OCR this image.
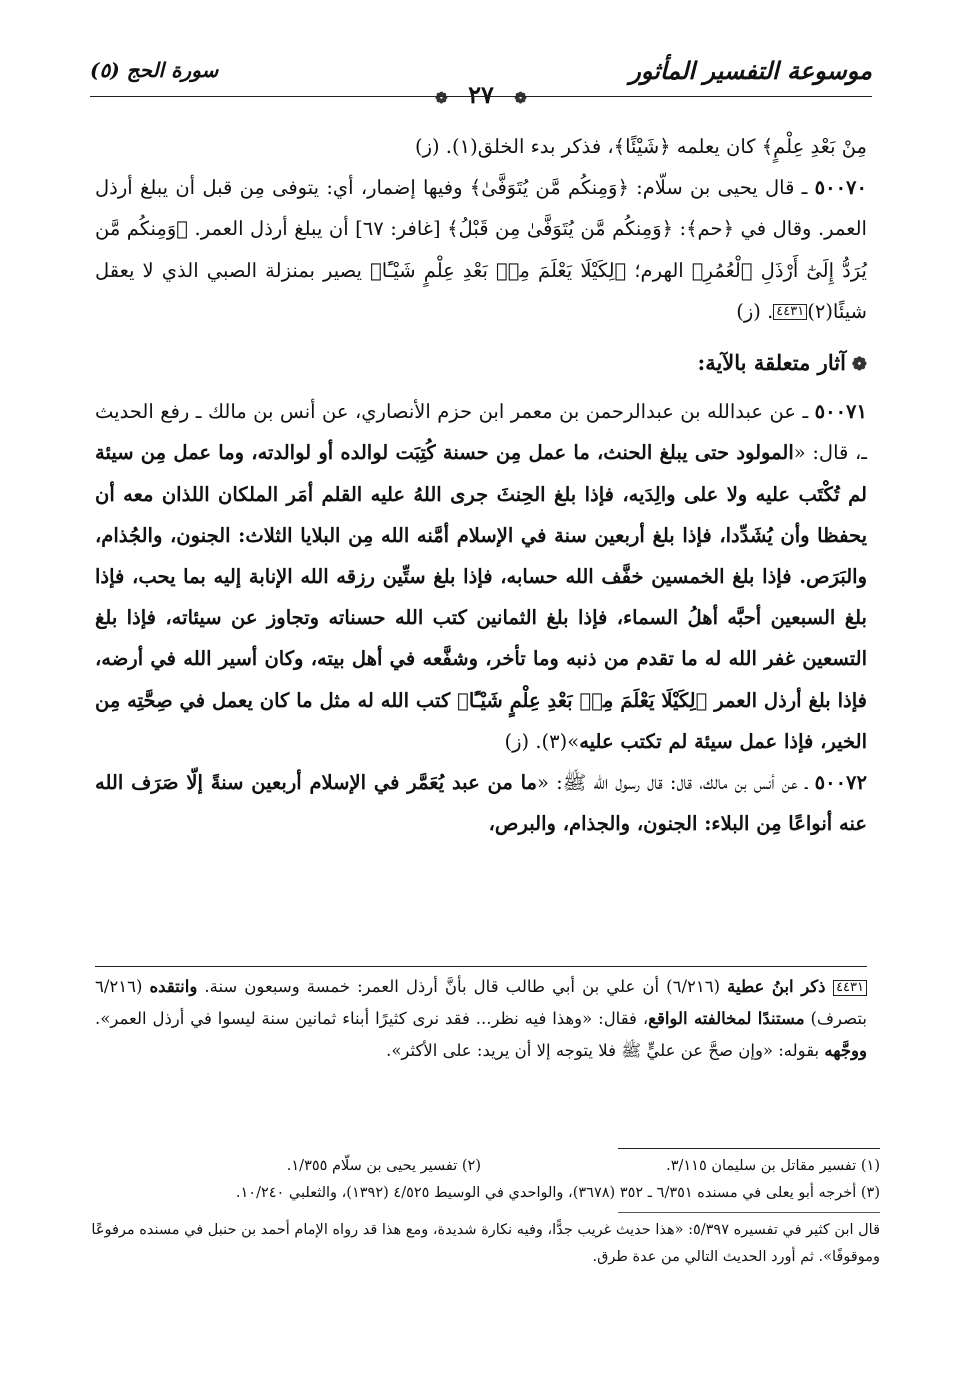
موسوعة التفسير المأثور
سورة الحج (٥)
❁ ٢٧ ❁

مِنْ بَعْدِ عِلْمٍ﴾ كان يعلمه ﴿شَيْئًا﴾، فذكر بدء الخلق(١). (ز)

٥٠٠٧٠ ـ قال يحيى بن سلّام: ﴿وَمِنكُم مَّن يُتَوَفَّىٰ﴾ وفيها إضمار، أي: يتوفى مِن قبل أن يبلغ أرذل العمر. وقال في ﴿حم﴾: ﴿وَمِنكُم مَّن يُتَوَفَّىٰ مِن قَبْلُ﴾ [غافر: ٦٧] أن يبلغ أرذل العمر. ﴿وَمِنكُم مَّن يُرَدُّ إِلَىٰٓ أَرْذَلِ ٱلْعُمُرِ﴾ الهرم؛ ﴿لِكَيْلَا يَعْلَمَ مِنۢ بَعْدِ عِلْمٍ شَيْـًٔا﴾ يصير بمنزلة الصبي الذي لا يعقل شيئًا(٢)٤٤٣١. (ز)

❁آثار متعلقة بالآية:

٥٠٠٧١ ـ عن عبدالله بن عبدالرحمن بن معمر ابن حزم الأنصاري، عن أنس بن مالك ـ رفع الحديث ـ، قال: «المولود حتى يبلغ الحنث، ما عمل مِن حسنة كُتِبَت لوالده أو لوالدته، وما عمل مِن سيئة لم تُكْتَب عليه ولا على والِدَيه، فإذا بلغ الحِنثَ جرى اللهُ عليه القلم أمَر الملكان اللذان معه أن يحفظا وأن يُشَدِّدا، فإذا بلغ أربعين سنة في الإسلام أمَّنه الله مِن البلايا الثلاث: الجنون، والجُذام، والبَرَص. فإذا بلغ الخمسين خفَّف الله حسابه، فإذا بلغ ستِّين رزقه الله الإنابة إليه بما يحب، فإذا بلغ السبعين أحبَّه أهلُ السماء، فإذا بلغ الثمانين كتب الله حسناته وتجاوز عن سيئاته، فإذا بلغ التسعين غفر الله له ما تقدم من ذنبه وما تأخر، وشفَّعه في أهل بيته، وكان أسير الله في أرضه، فإذا بلغ أرذل العمر ﴿لِكَيْلَا يَعْلَمَ مِنۢ بَعْدِ عِلْمٍ شَيْـًٔا﴾ كتب الله له مثل ما كان يعمل في صِحَّتِه مِن الخير، فإذا عمل سيئة لم تكتب عليه»(٣). (ز)

٥٠٠٧٢ ـ عن أنس بن مالك، قال: قال رسول الله ﷺ: «ما من عبد يُعَمَّر في الإسلام أربعين سنةً إلّا صَرَف الله عنه أنواعًا مِن البلاء: الجنون، والجذام، والبرص،

٤٤٣١ ذكر ابنُ عطية (٦/٢١٦) أن علي بن أبي طالب قال بأنَّ أرذل العمر: خمسة وسبعون سنة. وانتقده (٦/٢١٦ بتصرف) مستندًا لمخالفته الواقع، فقال: «وهذا فيه نظر... فقد نرى كثيرًا أبناء ثمانين سنة ليسوا في أرذل العمر». ووجَّهه بقوله: «وإن صحَّ عن عليٍّ ﷺ فلا يتوجه إلا أن يريد: على الأكثر».
(١) تفسير مقاتل بن سليمان ٣/١١٥.
(٢) تفسير يحيى بن سلّام ١/٣٥٥.

(٣) أخرجه أبو يعلى في مسنده ٦/٣٥١ ـ ٣٥٢ (٣٦٧٨)، والواحدي في الوسيط ٤/٥٢٥ (١٣٩٢)، والثعلبي ١٠/٢٤٠.

قال ابن كثير في تفسيره ٥/٣٩٧: «هذا حديث غريب جدًّا، وفيه نكارة شديدة، ومع هذا قد رواه الإمام أحمد بن حنبل في مسنده مرفوعًا وموقوفًا». ثم أورد الحديث التالي من عدة طرق.
